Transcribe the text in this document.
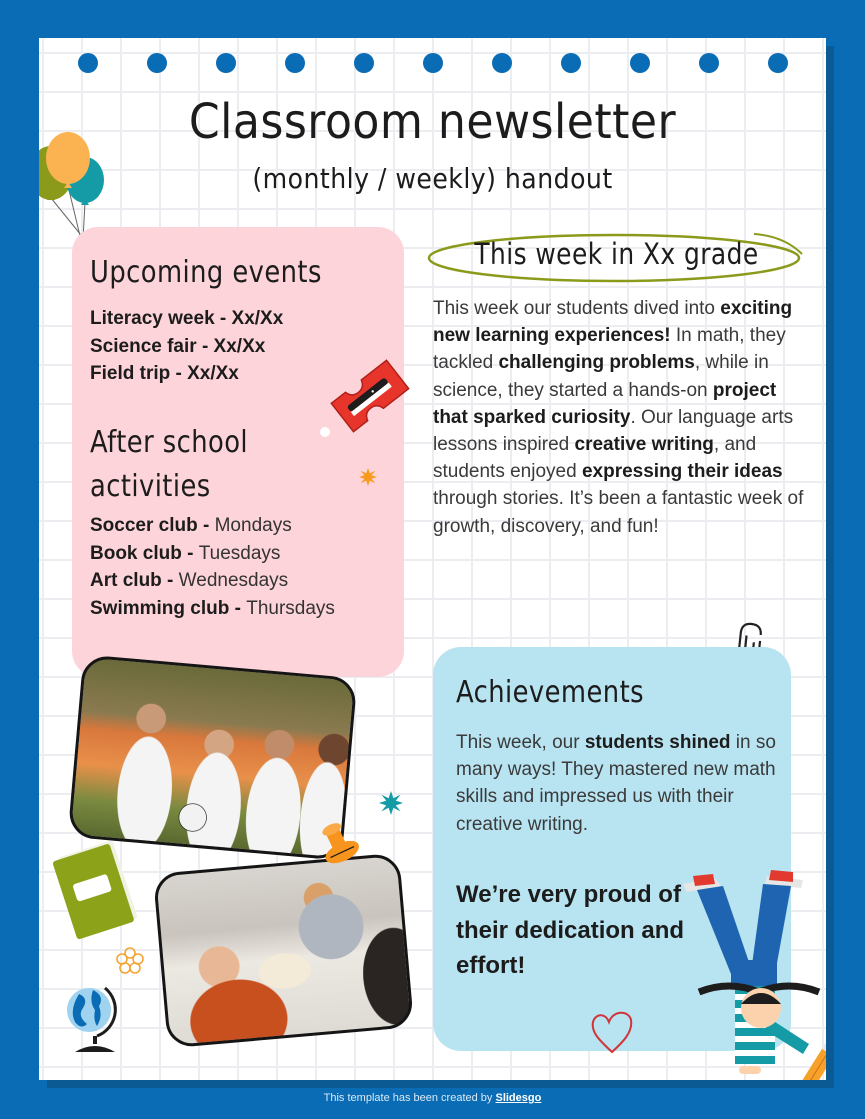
Classroom newsletter
(monthly / weekly) handout
Upcoming events
Literacy week - Xx/Xx
Science fair - Xx/Xx
Field trip - Xx/Xx
After school
activities
Soccer club - Mondays
Book club - Tuesdays
Art club - Wednesdays
Swimming club - Thursdays
This week in Xx grade

This week our students dived into exciting new learning experiences! In math, they tackled challenging problems, while in science, they started a hands-on project that sparked curiosity. Our language arts lessons inspired creative writing, and students enjoyed expressing their ideas through stories. It’s been a fantastic week of growth, discovery, and fun!

Achievements

This week, our students shined in so many ways! They mastered new math skills and impressed us with their creative writing.

We’re very proud of their dedication and effort!

This template has been created by Slidesgo
